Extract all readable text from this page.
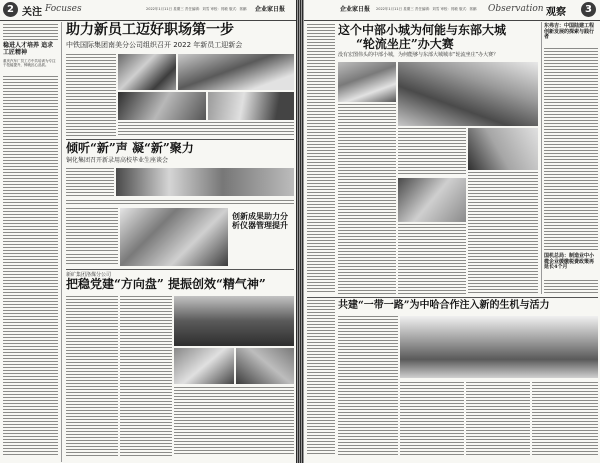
2 关注 Focuses	2022年1月11日 星期三 责任编辑：刘雪 审校：郭敏 版式：郭鹏 企业家日报
稳进人才培养 追求工匠精神
重庆汽车厂员工方中共培训为专注于技能提升，铸就匠心品质。
助力新员工迈好职场第一步
中铁国际集团南美分公司组织召开 2022 年新员工迎新会
倾听“新”声 凝“新”聚力
铜化集团召开新录用高校毕业生座谈会
创新成果助力分析仪器管理提升
新矿集团洛煤分公司
把稳党建“方向盘” 提振创效“精气神”
企业家日报 2022年1月11日 星期三 责任编辑：刘雪 审校：郭敏 版式：郭鹏 Observation 观察	3
这个中部小城为何能与东部大城
“轮流坐庄”办大赛
没有宏图伟头的中部小城，为何能够与东部大城城市“轮流坐庄”办大赛？
东弗吉：中国陆建工程创新发展的探索与践行者
国机总局：制造业中小微企业缓缴税费政策再延长4个月
共建“一带一路”为中哈合作注入新的生机与活力
